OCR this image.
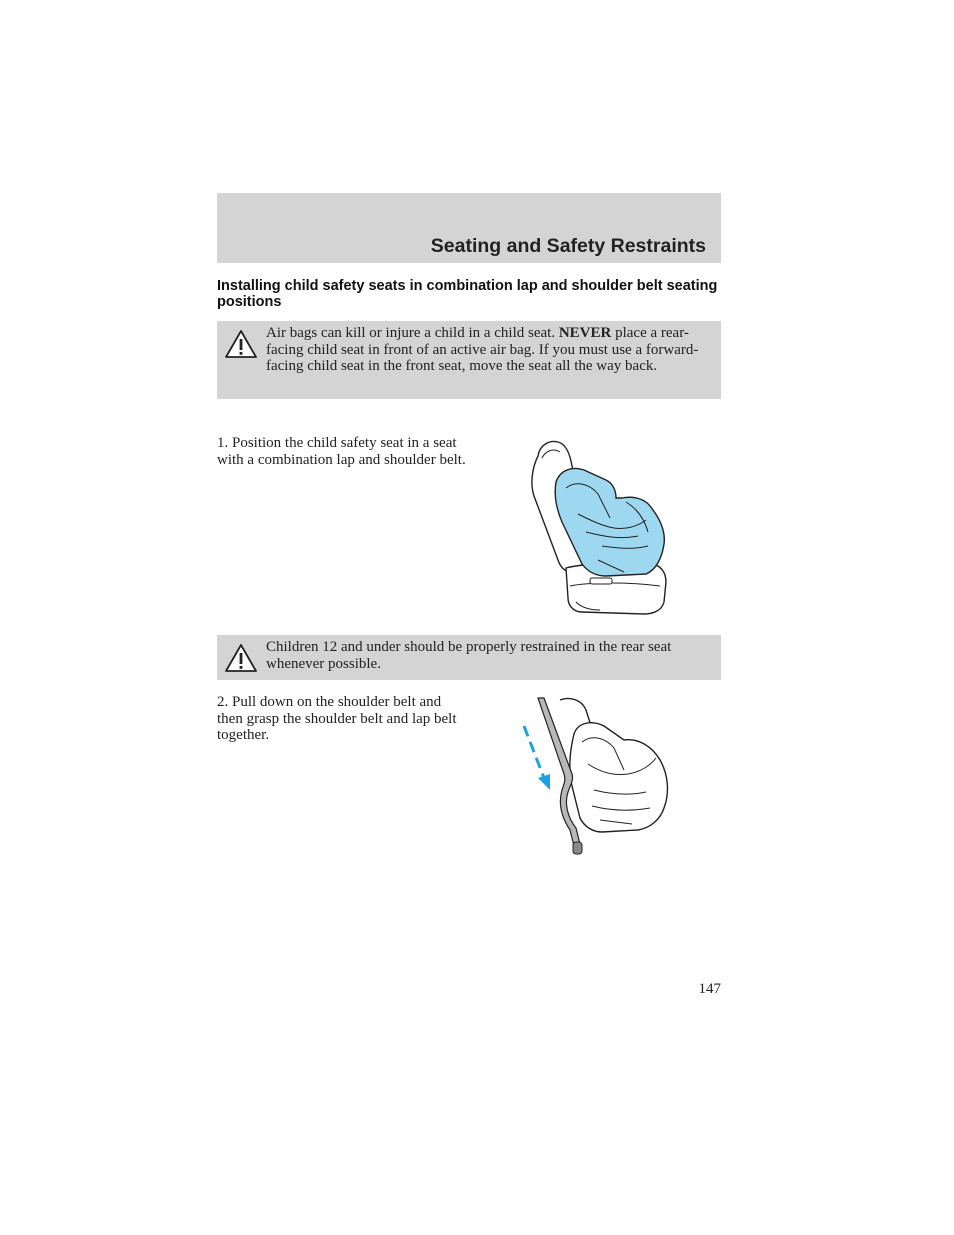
Seating and Safety Restraints
Installing child safety seats in combination lap and shoulder belt seating positions
Air bags can kill or injure a child in a child seat. NEVER place a rear-facing child seat in front of an active air bag. If you must use a forward-facing child seat in the front seat, move the seat all the way back.
1. Position the child safety seat in a seat with a combination lap and shoulder belt.
Children 12 and under should be properly restrained in the rear seat whenever possible.
2. Pull down on the shoulder belt and then grasp the shoulder belt and lap belt together.
147
